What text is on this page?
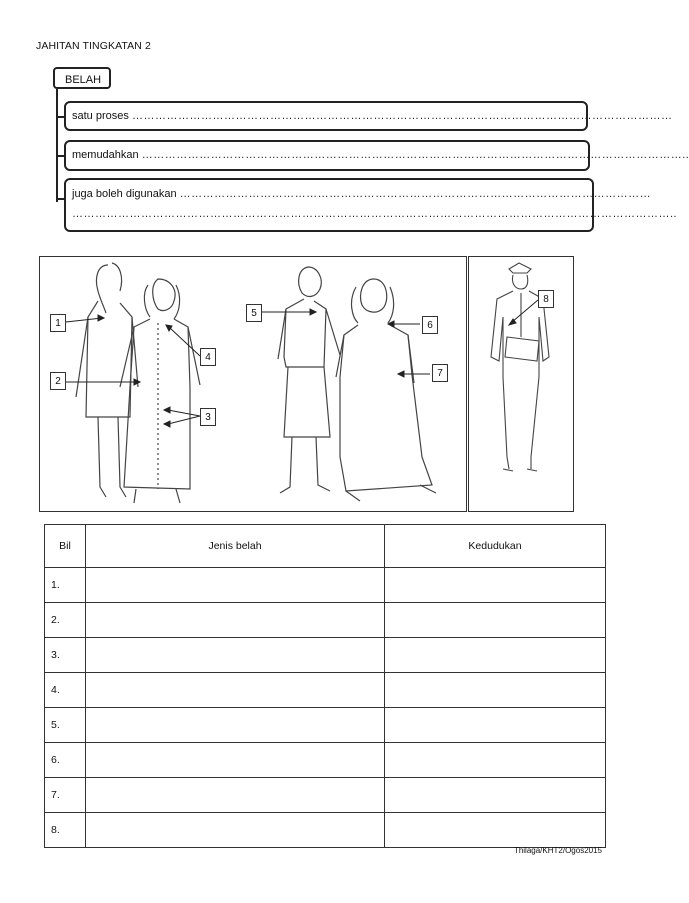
JAHITAN TINGKATAN 2
BELAH
satu proses ……………………………………………………………………………………………………………………………
memudahkan ……………………………………………………………………………………………………………………………..
juga boleh digunakan ……………………………………………………………………………………………………………
…………………………………………………………………………………………………………………………………………..
1
2
3
4
5
6
7
8
Bil	Jenis belah	Kedudukan
1.		
2.		
3.		
4.		
5.		
6.		
7.		
8.		
Thilaga/KHT2/Ogos2015
